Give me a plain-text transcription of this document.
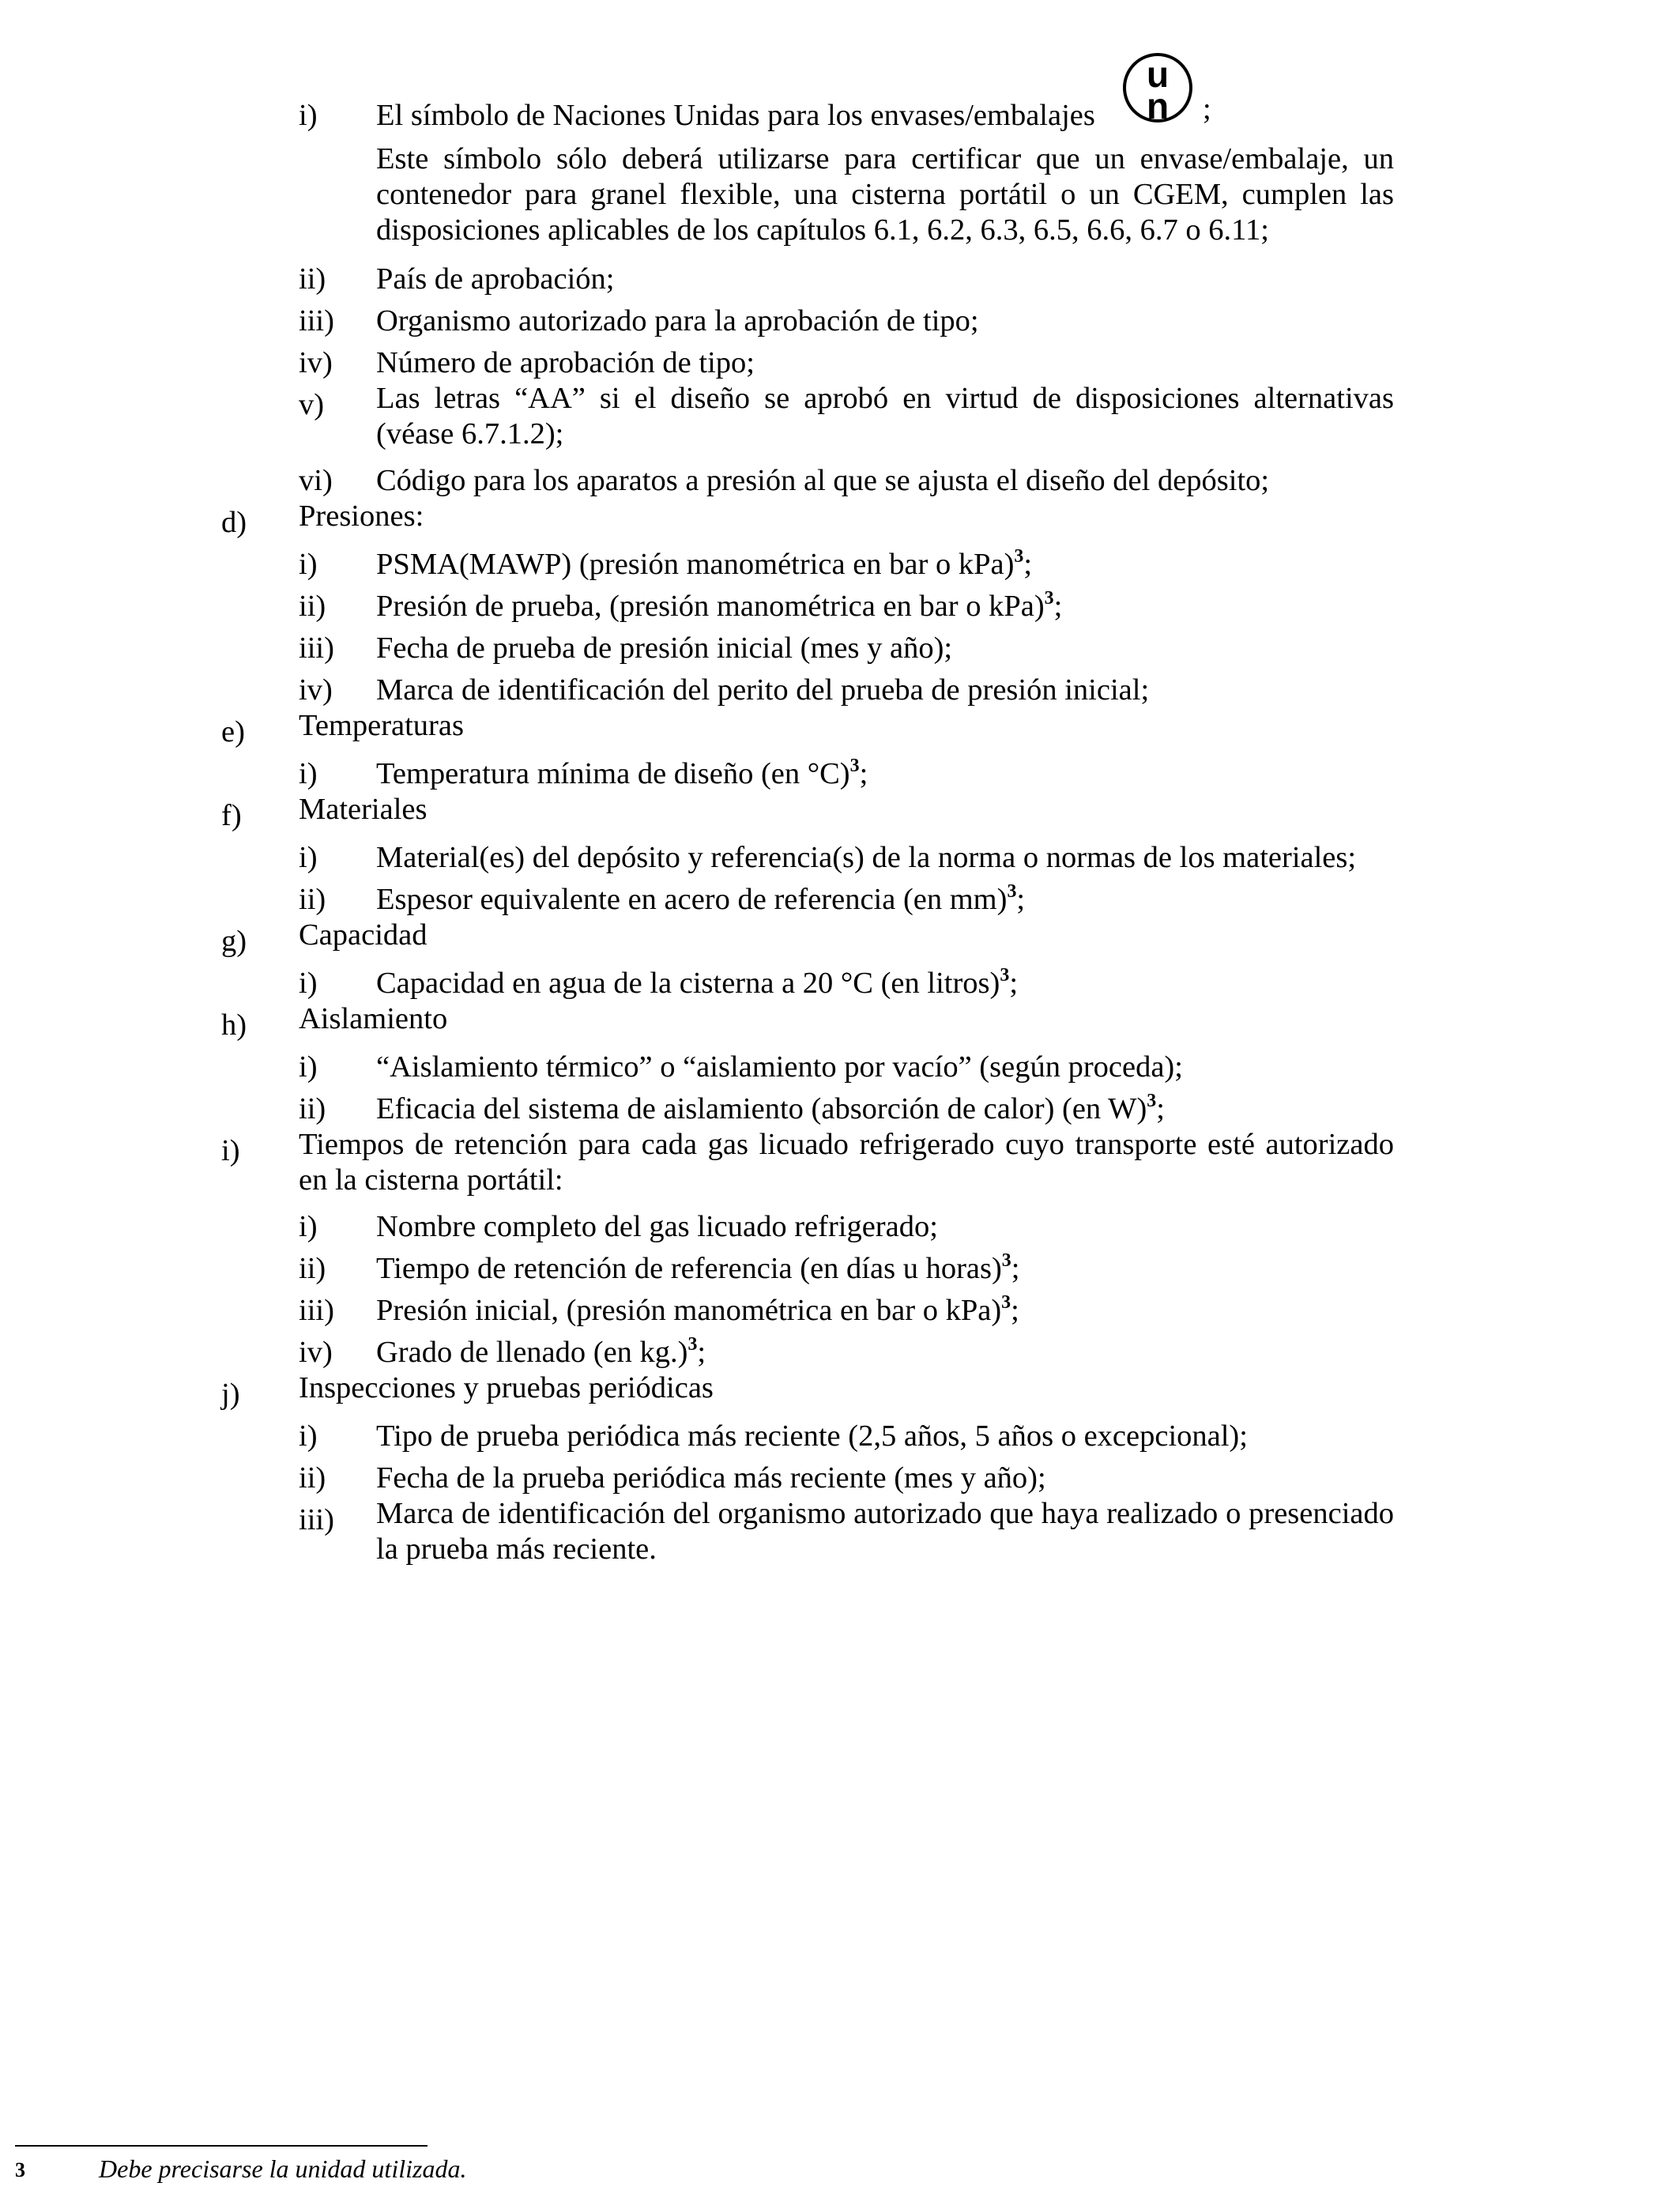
i) El símbolo de Naciones Unidas para los envases/embalajes
u
n ;
Este símbolo sólo deberá utilizarse para certificar que un envase/embalaje, un contenedor para granel flexible, una cisterna portátil o un CGEM, cumplen las disposiciones aplicables de los capítulos 6.1, 6.2, 6.3, 6.5, 6.6, 6.7 o 6.11;
ii) País de aprobación;
iii) Organismo autorizado para la aprobación de tipo;
iv) Número de aprobación de tipo;
v) Las letras “AA” si el diseño se aprobó en virtud de disposiciones alternativas (véase 6.7.1.2);
vi) Código para los aparatos a presión al que se ajusta el diseño del depósito;
d) Presiones:
i) PSMA(MAWP) (presión manométrica en bar o kPa)$^3$;
ii) Presión de prueba, (presión manométrica en bar o kPa)$^3$;
iii) Fecha de prueba de presión inicial (mes y año);
iv) Marca de identificación del perito del prueba de presión inicial;
e) Temperaturas
i) Temperatura mínima de diseño (en °C)$^3$;
f) Materiales
i) Material(es) del depósito y referencia(s) de la norma o normas de los materiales;
ii) Espesor equivalente en acero de referencia (en mm)$^3$;
g) Capacidad
i) Capacidad en agua de la cisterna a 20 °C (en litros)$^3$;
h) Aislamiento
i) “Aislamiento térmico” o “aislamiento por vacío” (según proceda);
ii) Eficacia del sistema de aislamiento (absorción de calor) (en W)$^3$;
i) Tiempos de retención para cada gas licuado refrigerado cuyo transporte esté autorizado en la cisterna portátil:
i) Nombre completo del gas licuado refrigerado;
ii) Tiempo de retención de referencia (en días u horas)$^3$;
iii) Presión inicial, (presión manométrica en bar o kPa)$^3$;
iv) Grado de llenado (en kg.)$^3$;
j) Inspecciones y pruebas periódicas
i) Tipo de prueba periódica más reciente (2,5 años, 5 años o excepcional);
ii) Fecha de la prueba periódica más reciente (mes y año);
iii) Marca de identificación del organismo autorizado que haya realizado o presenciado la prueba más reciente.
3	Debe precisarse la unidad utilizada.
